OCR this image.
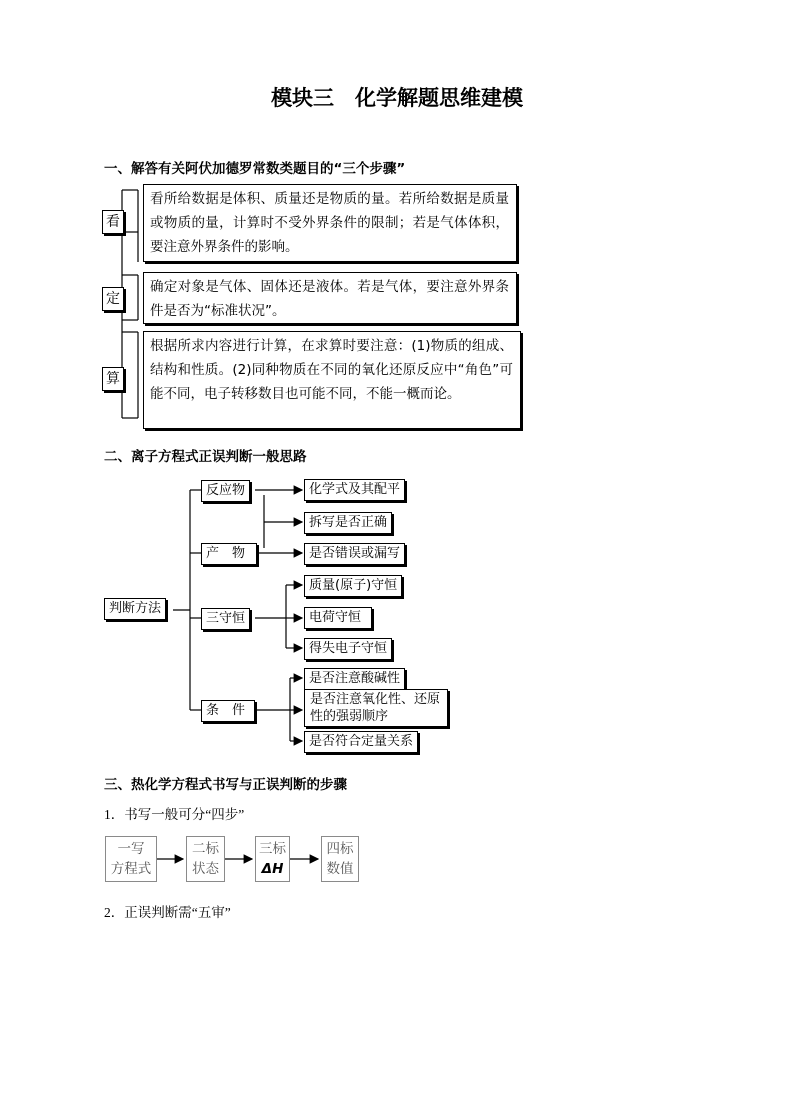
模块三　化学解题思维建模
一、解答有关阿伏加德罗常数类题目的“三个步骤”
看
定
算
看所给数据是体积、质量还是物质的量。若所给数据是质量或物质的量，计算时不受外界条件的限制；若是气体体积，要注意外界条件的影响。
确定对象是气体、固体还是液体。若是气体，要注意外界条件是否为“标准状况”。
根据所求内容进行计算，在求算时要注意：(1)物质的组成、结构和性质。(2)同种物质在不同的氧化还原反应中“角色”可能不同，电子转移数目也可能不同，不能一概而论。
二、离子方程式正误判断一般思路
判断方法
反应物
产　物
三守恒
条　件
化学式及其配平
拆写是否正确
是否错误或漏写
质量(原子)守恒
电荷守恒
得失电子守恒
是否注意酸碱性
是否注意氧化性、还原性的强弱顺序
是否符合定量关系
三、热化学方程式书写与正误判断的步骤
1．书写一般可分“四步”
一写
方程式
二标
状态
三标
ΔH
四标
数值
2．正误判断需“五审”
